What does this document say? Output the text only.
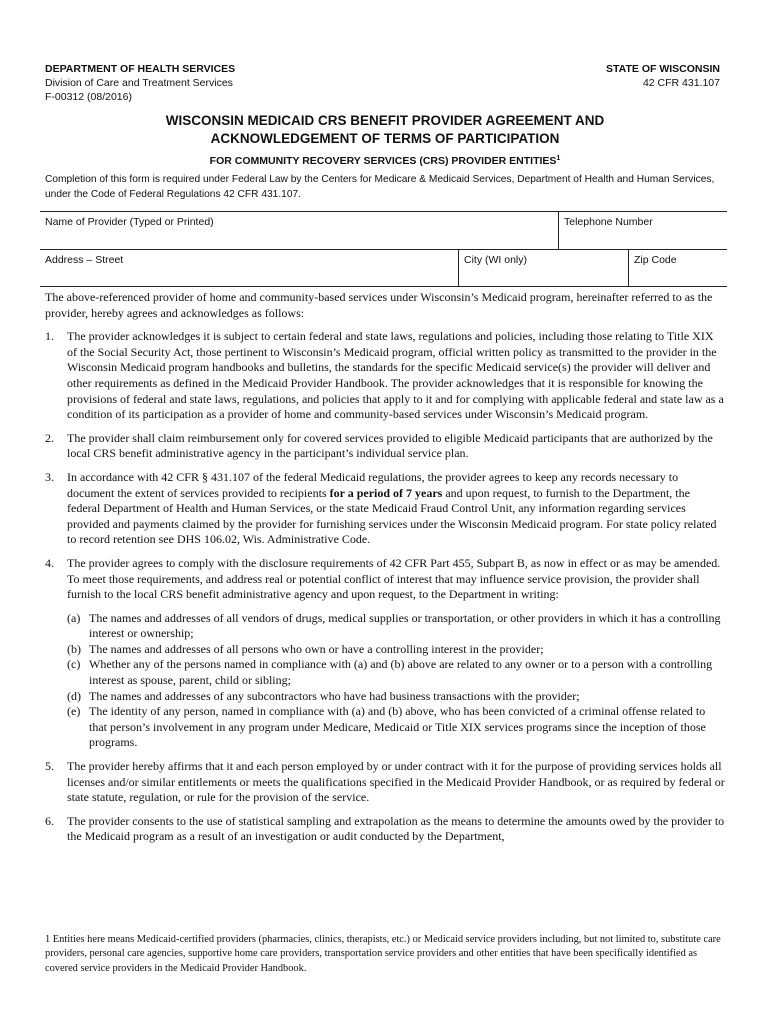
DEPARTMENT OF HEALTH SERVICES
Division of Care and Treatment Services
F-00312 (08/2016)
STATE OF WISCONSIN
42 CFR 431.107
WISCONSIN MEDICAID CRS BENEFIT PROVIDER AGREEMENT AND
ACKNOWLEDGEMENT OF TERMS OF PARTICIPATION
FOR COMMUNITY RECOVERY SERVICES (CRS) PROVIDER ENTITIES$^1$
Completion of this form is required under Federal Law by the Centers for Medicare & Medicaid Services, Department of Health and Human Services, under the Code of Federal Regulations 42 CFR 431.107.
Name of Provider (Typed or Printed)	Telephone Number
Address – Street	City (WI only)	Zip Code

The above-referenced provider of home and community-based services under Wisconsin’s Medicaid program, hereinafter referred to as the provider, hereby agrees and acknowledges as follows:

1. The provider acknowledges it is subject to certain federal and state laws, regulations and policies, including those relating to Title XIX of the Social Security Act, those pertinent to Wisconsin’s Medicaid program, official written policy as transmitted to the provider in the Wisconsin Medicaid program handbooks and bulletins, the standards for the specific Medicaid service(s) the provider will deliver and other requirements as defined in the Medicaid Provider Handbook. The provider acknowledges that it is responsible for knowing the provisions of federal and state laws, regulations, and policies that apply to it and for complying with applicable federal and state law as a condition of its participation as a provider of home and community-based services under Wisconsin’s Medicaid program.
2. The provider shall claim reimbursement only for covered services provided to eligible Medicaid participants that are authorized by the local CRS benefit administrative agency in the participant’s individual service plan.
3. In accordance with 42 CFR § 431.107 of the federal Medicaid regulations, the provider agrees to keep any records necessary to document the extent of services provided to recipients for a period of 7 years and upon request, to furnish to the Department, the federal Department of Health and Human Services, or the state Medicaid Fraud Control Unit, any information regarding services provided and payments claimed by the provider for furnishing services under the Wisconsin Medicaid program. For state policy related to record retention see DHS 106.02, Wis. Administrative Code.
4. The provider agrees to comply with the disclosure requirements of 42 CFR Part 455, Subpart B, as now in effect or as may be amended. To meet those requirements, and address real or potential conflict of interest that may influence service provision, the provider shall furnish to the local CRS benefit administrative agency and upon request, to the Department in writing:
(a) The names and addresses of all vendors of drugs, medical supplies or transportation, or other providers in which it has a controlling interest or ownership;
(b) The names and addresses of all persons who own or have a controlling interest in the provider;
(c) Whether any of the persons named in compliance with (a) and (b) above are related to any owner or to a person with a controlling interest as spouse, parent, child or sibling;
(d) The names and addresses of any subcontractors who have had business transactions with the provider;
(e) The identity of any person, named in compliance with (a) and (b) above, who has been convicted of a criminal offense related to that person’s involvement in any program under Medicare, Medicaid or Title XIX services programs since the inception of those programs.
5. The provider hereby affirms that it and each person employed by or under contract with it for the purpose of providing services holds all licenses and/or similar entitlements or meets the qualifications specified in the Medicaid Provider Handbook, or as required by federal or state statute, regulation, or rule for the provision of the service.
6. The provider consents to the use of statistical sampling and extrapolation as the means to determine the amounts owed by the provider to the Medicaid program as a result of an investigation or audit conducted by the Department,
1 Entities here means Medicaid-certified providers (pharmacies, clinics, therapists, etc.) or Medicaid service providers including, but not limited to, substitute care providers, personal care agencies, supportive home care providers, transportation service providers and other entities that have been specifically identified as covered service providers in the Medicaid Provider Handbook.
